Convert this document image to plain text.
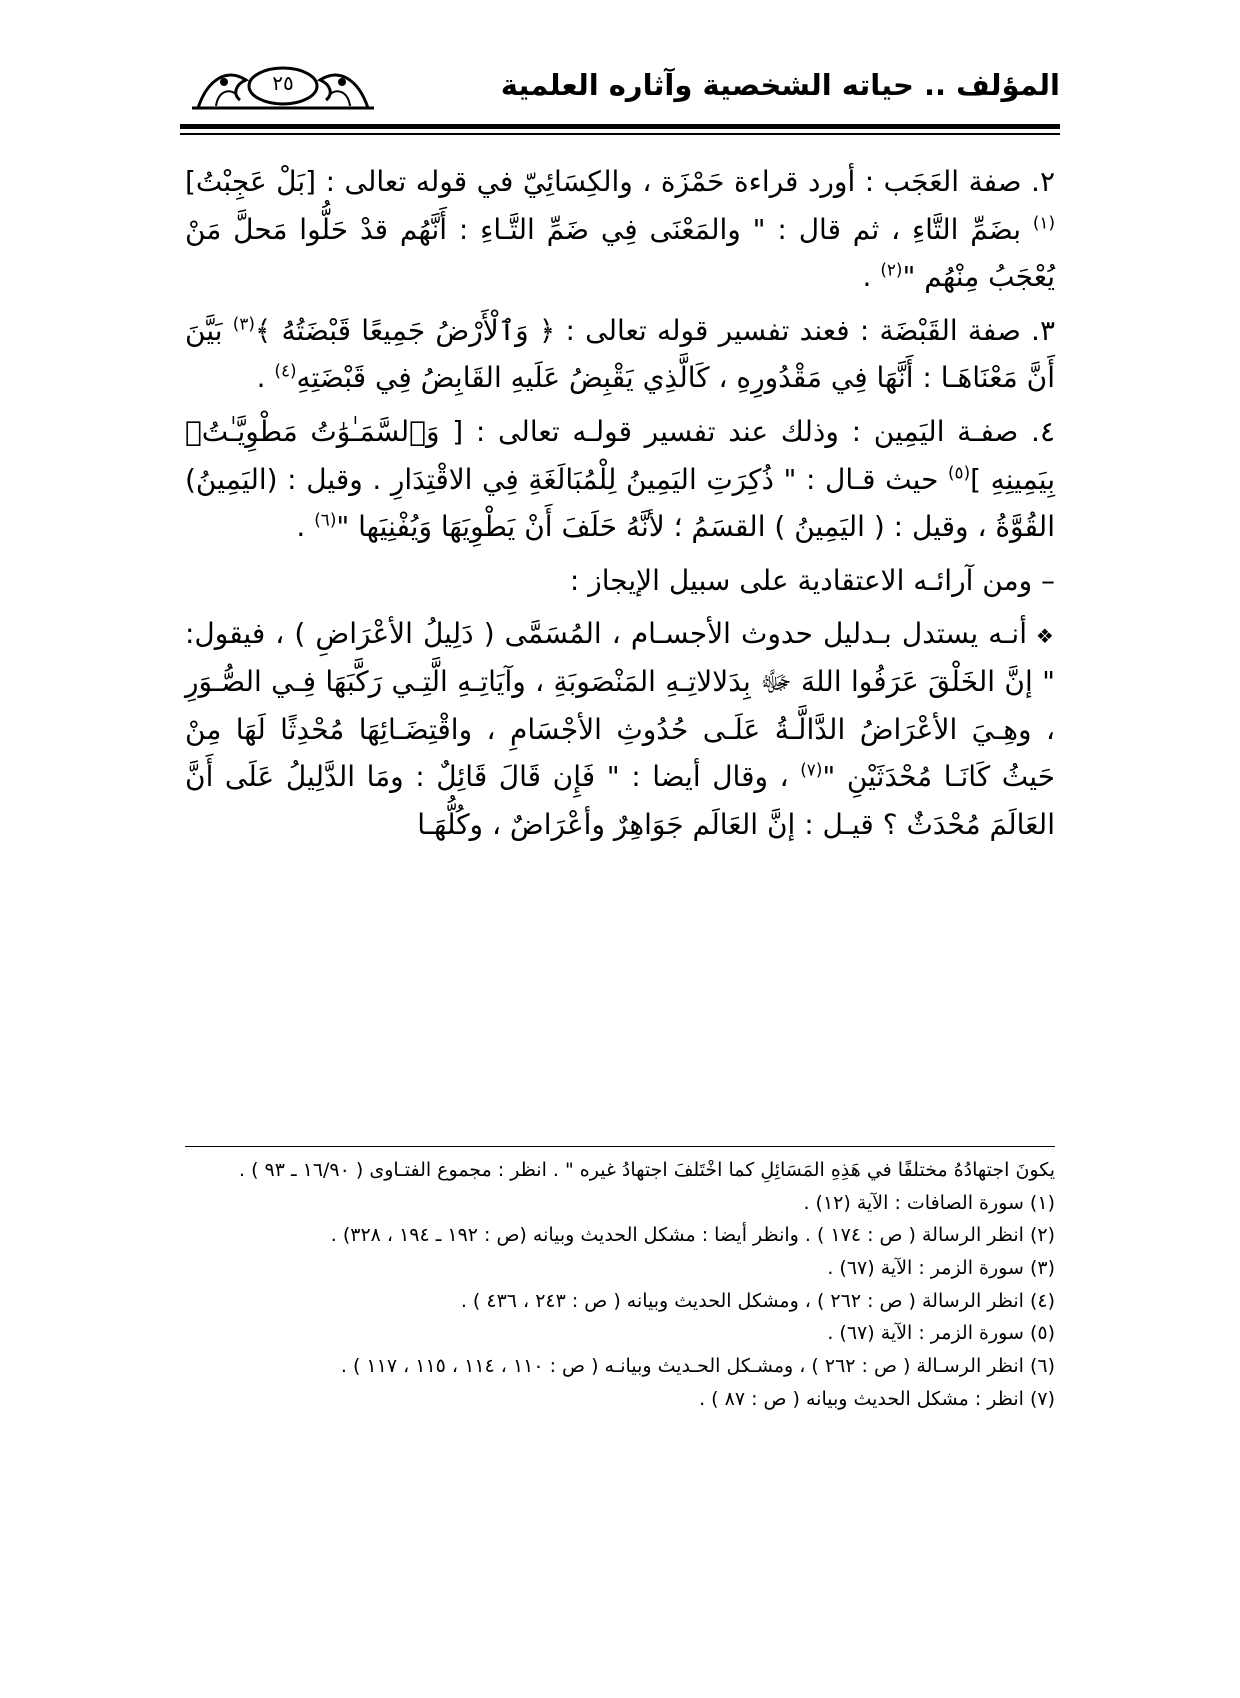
المؤلف .. حياته الشخصية وآثاره العلمية
٢٥

٢. صفة العَجَب : أورد قراءة حَمْزَة ، والكِسَائِيّ في قوله تعالى : [بَلْ عَجِبْتُ]$^{(١)}$ بضَمِّ التَّاءِ ، ثم قال : " والمَعْنَى فِي ضَمِّ التَّـاءِ : أَنَّهُم قدْ حَلُّوا مَحلَّ مَنْ يُعْجَبُ مِنْهُم "$^{(٢)}$ .

٣. صفة القَبْضَة : فعند تفسير قوله تعالى : ﴿ وَٱلْأَرْضُ جَمِيعًا قَبْضَتُهُ ﴾$^{(٣)}$ بَيَّنَ أَنَّ مَعْنَاهَـا : أَنَّهَا فِي مَقْدُورِهِ ، كَالَّذِي يَقْبِضُ عَلَيهِ القَابِضُ فِي قَبْضَتِهِ$^{(٤)}$ .

٤. صفـة اليَمِين : وذلك عند تفسير قولـه تعالى : [ وَٱلسَّمَـٰوَٰتُ مَطْوِيَّـٰتُۢ بِيَمِينِهِ ]$^{(٥)}$ حيث قـال : " ذُكِرَتِ اليَمِينُ لِلْمُبَالَغَةِ فِي الاقْتِدَارِ . وقيل : (اليَمِينُ) القُوَّةُ ، وقيل : ( اليَمِينُ ) القسَمُ ؛ لأنَّهُ حَلَفَ أَنْ يَطْوِيَهَا وَيُفْنِيَها "$^{(٦)}$ .

– ومن آرائـه الاعتقادية على سبيل الإيجاز :

❖ أنـه يستدل بـدليل حدوث الأجسـام ، المُسَمَّى ( دَلِيلُ الأعْرَاضِ ) ، فيقول: " إنَّ الخَلْقَ عَرَفُوا اللهَ ﷻ بِدَلالاتِـهِ المَنْصَوبَةِ ، وآيَاتِـهِ الَّتِـي رَكَّبَهَا فِـي الصُّـوَرِ ، وهِـيَ الأعْرَاضُ الدَّالَّـةُ عَلَـى حُدُوثِ الأجْسَامِ ، واقْتِضَـائِهَا مُحْدِثًا لَهَا مِنْ حَيثُ كَانَـا مُحْدَثَيْنِ "$^{(٧)}$ ، وقال أيضا : " فَإِن قَالَ قَائِلٌ : ومَا الدَّلِيلُ عَلَى أَنَّ العَالَمَ مُحْدَثٌ ؟ قيـل : إنَّ العَالَم جَوَاهِرٌ وأعْرَاضٌ ، وكُلُّهَـا

يكونَ اجتهادُهُ مختلفًا في هَذِهِ المَسَائِلِ كما اخْتَلفَ اجتهادُ غيره " . انظر : مجموع الفتـاوى ( ١٦/٩٠ ـ ٩٣ ) .

(١) سورة الصافات : الآية (١٢) .

(٢) انظر الرسالة ( ص : ١٧٤ ) . وانظر أيضا : مشكل الحديث وبيانه (ص : ١٩٢ ـ ١٩٤ ، ٣٢٨) .

(٣) سورة الزمر : الآية (٦٧) .

(٤) انظر الرسالة ( ص : ٢٦٢ ) ، ومشكل الحديث وبيانه ( ص : ٢٤٣ ، ٤٣٦ ) .

(٥) سورة الزمر : الآية (٦٧) .

(٦) انظر الرسـالة ( ص : ٢٦٢ ) ، ومشـكل الحـديث وبيانـه ( ص : ١١٠ ، ١١٤ ، ١١٥ ، ١١٧ ) .

(٧) انظر : مشكل الحديث وبيانه ( ص : ٨٧ ) .
